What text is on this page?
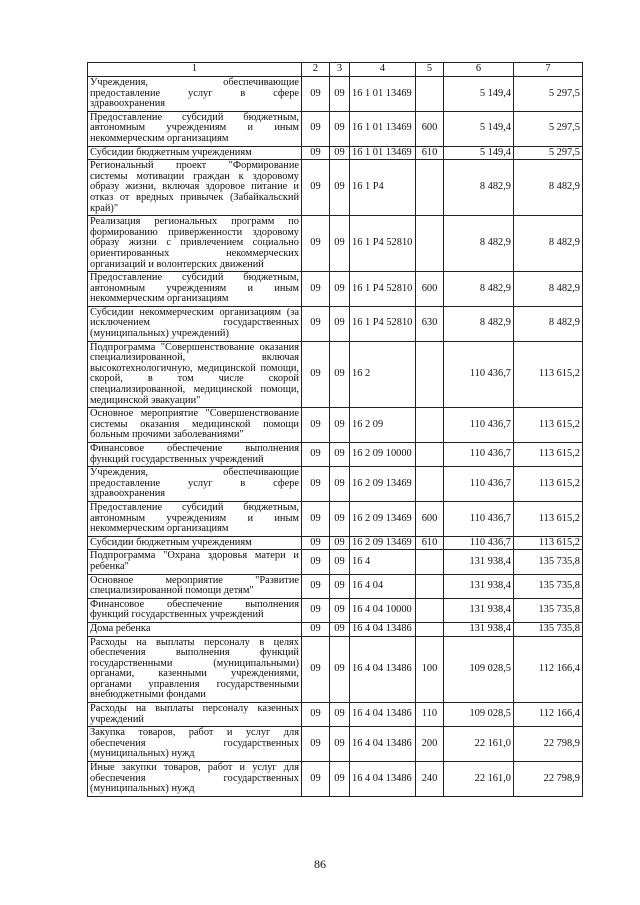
1	2	3	4	5	6	7
Учреждения, обеспечивающие предоставление услуг в сфере здравоохранения	09	09	16 1 01 13469		5 149,4	5 297,5
Предоставление субсидий бюджетным, автономным учреждениям и иным некоммерческим организациям	09	09	16 1 01 13469	600	5 149,4	5 297,5
Субсидии бюджетным учреждениям	09	09	16 1 01 13469	610	5 149,4	5 297,5
Региональный проект "Формирование системы мотивации граждан к здоровому образу жизни, включая здоровое питание и отказ от вредных привычек (Забайкальский край)"	09	09	16 1 P4		8 482,9	8 482,9
Реализация региональных программ по формированию приверженности здоровому образу жизни с привлечением социально ориентированных некоммерческих организаций и волонтерских движений	09	09	16 1 P4 52810		8 482,9	8 482,9
Предоставление субсидий бюджетным, автономным учреждениям и иным некоммерческим организациям	09	09	16 1 P4 52810	600	8 482,9	8 482,9
Субсидии некоммерческим организациям (за исключением государственных (муниципальных) учреждений)	09	09	16 1 P4 52810	630	8 482,9	8 482,9
Подпрограмма "Совершенствование оказания специализированной, включая высокотехнологичную, медицинской помощи, скорой, в том числе скорой специализированной, медицинской помощи, медицинской эвакуации"	09	09	16 2		110 436,7	113 615,2
Основное мероприятие "Совершенствование системы оказания медицинской помощи больным прочими заболеваниями"	09	09	16 2 09		110 436,7	113 615,2
Финансовое обеспечение выполнения функций государственных учреждений	09	09	16 2 09 10000		110 436,7	113 615,2
Учреждения, обеспечивающие предоставление услуг в сфере здравоохранения	09	09	16 2 09 13469		110 436,7	113 615,2
Предоставление субсидий бюджетным, автономным учреждениям и иным некоммерческим организациям	09	09	16 2 09 13469	600	110 436,7	113 615,2
Субсидии бюджетным учреждениям	09	09	16 2 09 13469	610	110 436,7	113 615,2
Подпрограмма "Охрана здоровья матери и ребенка"	09	09	16 4		131 938,4	135 735,8
Основное мероприятие "Развитие специализированной помощи детям"	09	09	16 4 04		131 938,4	135 735,8
Финансовое обеспечение выполнения функций государственных учреждений	09	09	16 4 04 10000		131 938,4	135 735,8
Дома ребенка	09	09	16 4 04 13486		131 938,4	135 735,8
Расходы на выплаты персоналу в целях обеспечения выполнения функций государственными (муниципальными) органами, казенными учреждениями, органами управления государственными внебюджетными фондами	09	09	16 4 04 13486	100	109 028,5	112 166,4
Расходы на выплаты персоналу казенных учреждений	09	09	16 4 04 13486	110	109 028,5	112 166,4
Закупка товаров, работ и услуг для обеспечения государственных (муниципальных) нужд	09	09	16 4 04 13486	200	22 161,0	22 798,9
Иные закупки товаров, работ и услуг для обеспечения государственных (муниципальных) нужд	09	09	16 4 04 13486	240	22 161,0	22 798,9
86
